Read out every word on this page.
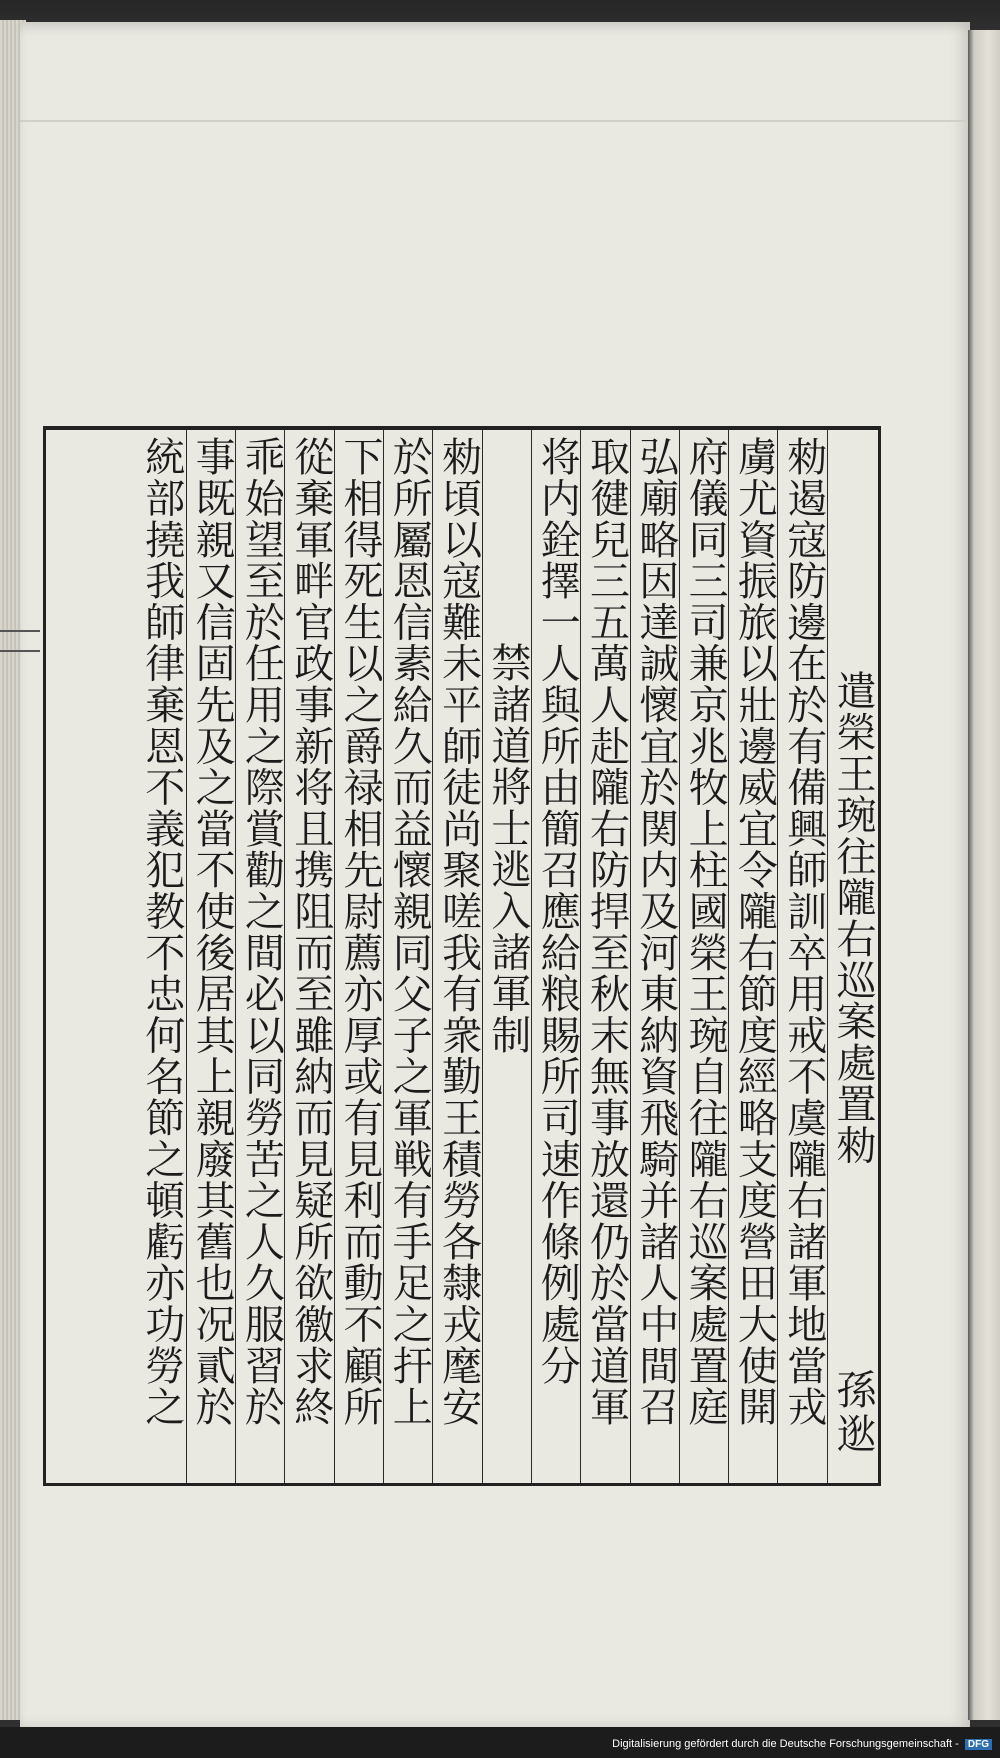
遣榮王琬往隴右巡案處置勑
孫逖
勑遏寇防邊在於有備興師訓卒用戒不虞隴右諸軍地當戎
虜尤資振旅以壯邊威宜令隴右節度經略支度營田大使開
府儀同三司兼京兆牧上柱國榮王琬自往隴右巡案處置庭
弘廟略因達誠懷宜於関内及河東納資飛騎并諸人中間召
取徤兒三五萬人赴隴右防捍至秋末無事放還仍於當道軍
将内銓擇一人與所由簡召應給粮賜所司速作條例處分
禁諸道將士逃入諸軍制
勑頃以寇難未平師徒尚聚嗟我有衆勤王積勞各隸戎麾安
於所屬恩信素給久而益懷親同父子之軍戦有手足之扞上
下相得死生以之爵禄相先尉薦亦厚或有見利而動不顧所
從棄軍畔官政事新将且携阻而至雖納而見疑所欲徼求終
乖始望至於任用之際賞勸之間必以同勞苦之人久服習於
事既親又信固先及之當不使後居其上親廢其舊也况貳於
統部撓我師律棄恩不義犯教不忠何名節之頓虧亦功勞之
Digitalisierung gefördert durch die Deutsche Forschungsgemeinschaft - DFG
